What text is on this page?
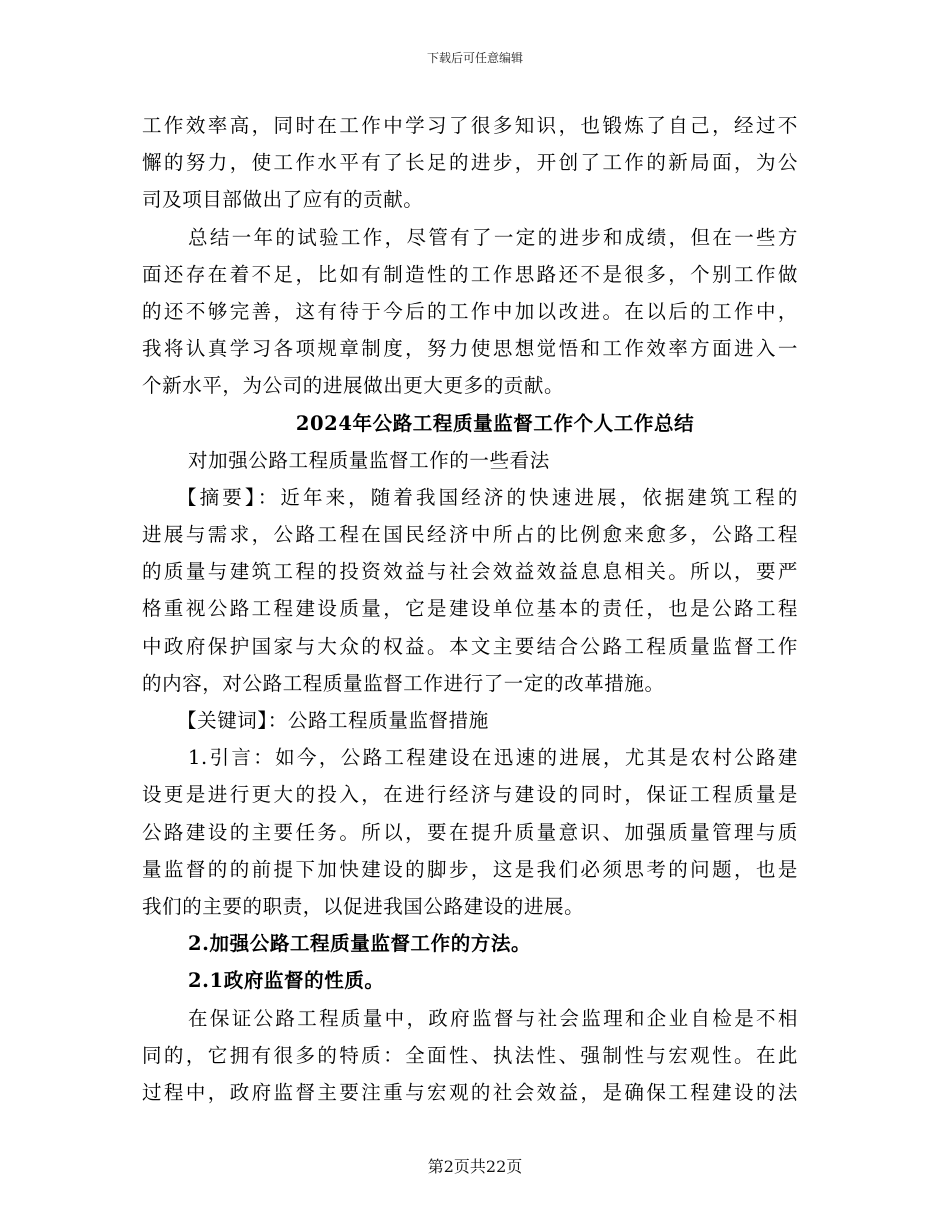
下载后可任意编辑
工作效率高，同时在工作中学习了很多知识，也锻炼了自己，经过不
懈的努力，使工作水平有了长足的进步，开创了工作的新局面，为公
司及项目部做出了应有的贡献。
总结一年的试验工作，尽管有了一定的进步和成绩，但在一些方
面还存在着不足，比如有制造性的工作思路还不是很多，个别工作做
的还不够完善，这有待于今后的工作中加以改进。在以后的工作中，
我将认真学习各项规章制度，努力使思想觉悟和工作效率方面进入一
个新水平，为公司的进展做出更大更多的贡献。
2024年公路工程质量监督工作个人工作总结
对加强公路工程质量监督工作的一些看法
【摘要】：近年来，随着我国经济的快速进展，依据建筑工程的
进展与需求，公路工程在国民经济中所占的比例愈来愈多，公路工程
的质量与建筑工程的投资效益与社会效益效益息息相关。所以，要严
格重视公路工程建设质量，它是建设单位基本的责任，也是公路工程
中政府保护国家与大众的权益。本文主要结合公路工程质量监督工作
的内容，对公路工程质量监督工作进行了一定的改革措施。
【关键词】：公路工程质量监督措施
1.引言：如今，公路工程建设在迅速的进展，尤其是农村公路建
设更是进行更大的投入，在进行经济与建设的同时，保证工程质量是
公路建设的主要任务。所以，要在提升质量意识、加强质量管理与质
量监督的的前提下加快建设的脚步，这是我们必须思考的问题，也是
我们的主要的职责，以促进我国公路建设的进展。
2.加强公路工程质量监督工作的方法。
2.1政府监督的性质。
在保证公路工程质量中，政府监督与社会监理和企业自检是不相
同的，它拥有很多的特质：全面性、执法性、强制性与宏观性。在此
过程中，政府监督主要注重与宏观的社会效益，是确保工程建设的法
第2页共22页
